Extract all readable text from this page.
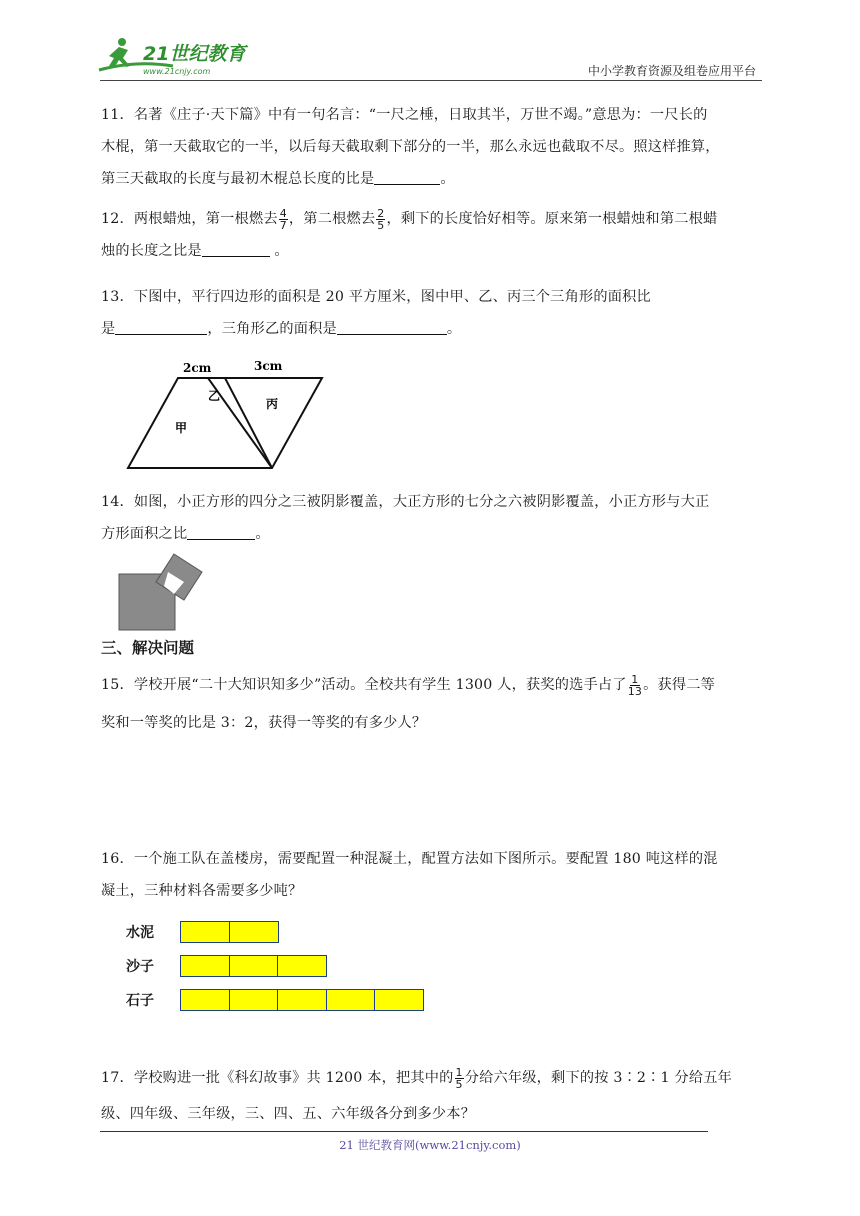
21世纪教育
www.21cnjy.com	中小学教育资源及组卷应用平台
11．名著《庄子·天下篇》中有一句名言：“一尺之棰，日取其半，万世不竭。”意思为：一尺长的
木棍，第一天截取它的一半，以后每天截取剩下部分的一半，那么永远也截取不尽。照这样推算，
第三天截取的长度与最初木棍总长度的比是	。
12．两根蜡烛，第一根燃去 $\frac{4}{7}$ ，第二根燃去 $\frac{2}{5}$ ，剩下的长度恰好相等。原来第一根蜡烛和第二根蜡
烛的长度之比是	。
13．下图中，平行四边形的面积是 20 平方厘米，图中甲、乙、丙三个三角形的面积比
是	，三角形乙的面积是	。
2cm	3cm
甲
乙
丙
14．如图，小正方形的四分之三被阴影覆盖，大正方形的七分之六被阴影覆盖，小正方形与大正
方形面积之比	。
三、解决问题
15．学校开展“二十大知识知多少”活动。全校共有学生 1300 人，获奖的选手占了 $\frac{1}{13}$ 。获得二等
奖和一等奖的比是 3：2，获得一等奖的有多少人？
16．一个施工队在盖楼房，需要配置一种混凝土，配置方法如下图所示。要配置 180 吨这样的混
凝土，三种材料各需要多少吨？
水泥
沙子
石子
17．学校购进一批《科幻故事》共 1200 本，把其中的 $\frac{1}{5}$ 分给六年级，剩下的按 3∶2∶1 分给五年
级、四年级、三年级，三、四、五、六年级各分到多少本？
21 世纪教育网(www.21cnjy.com)
